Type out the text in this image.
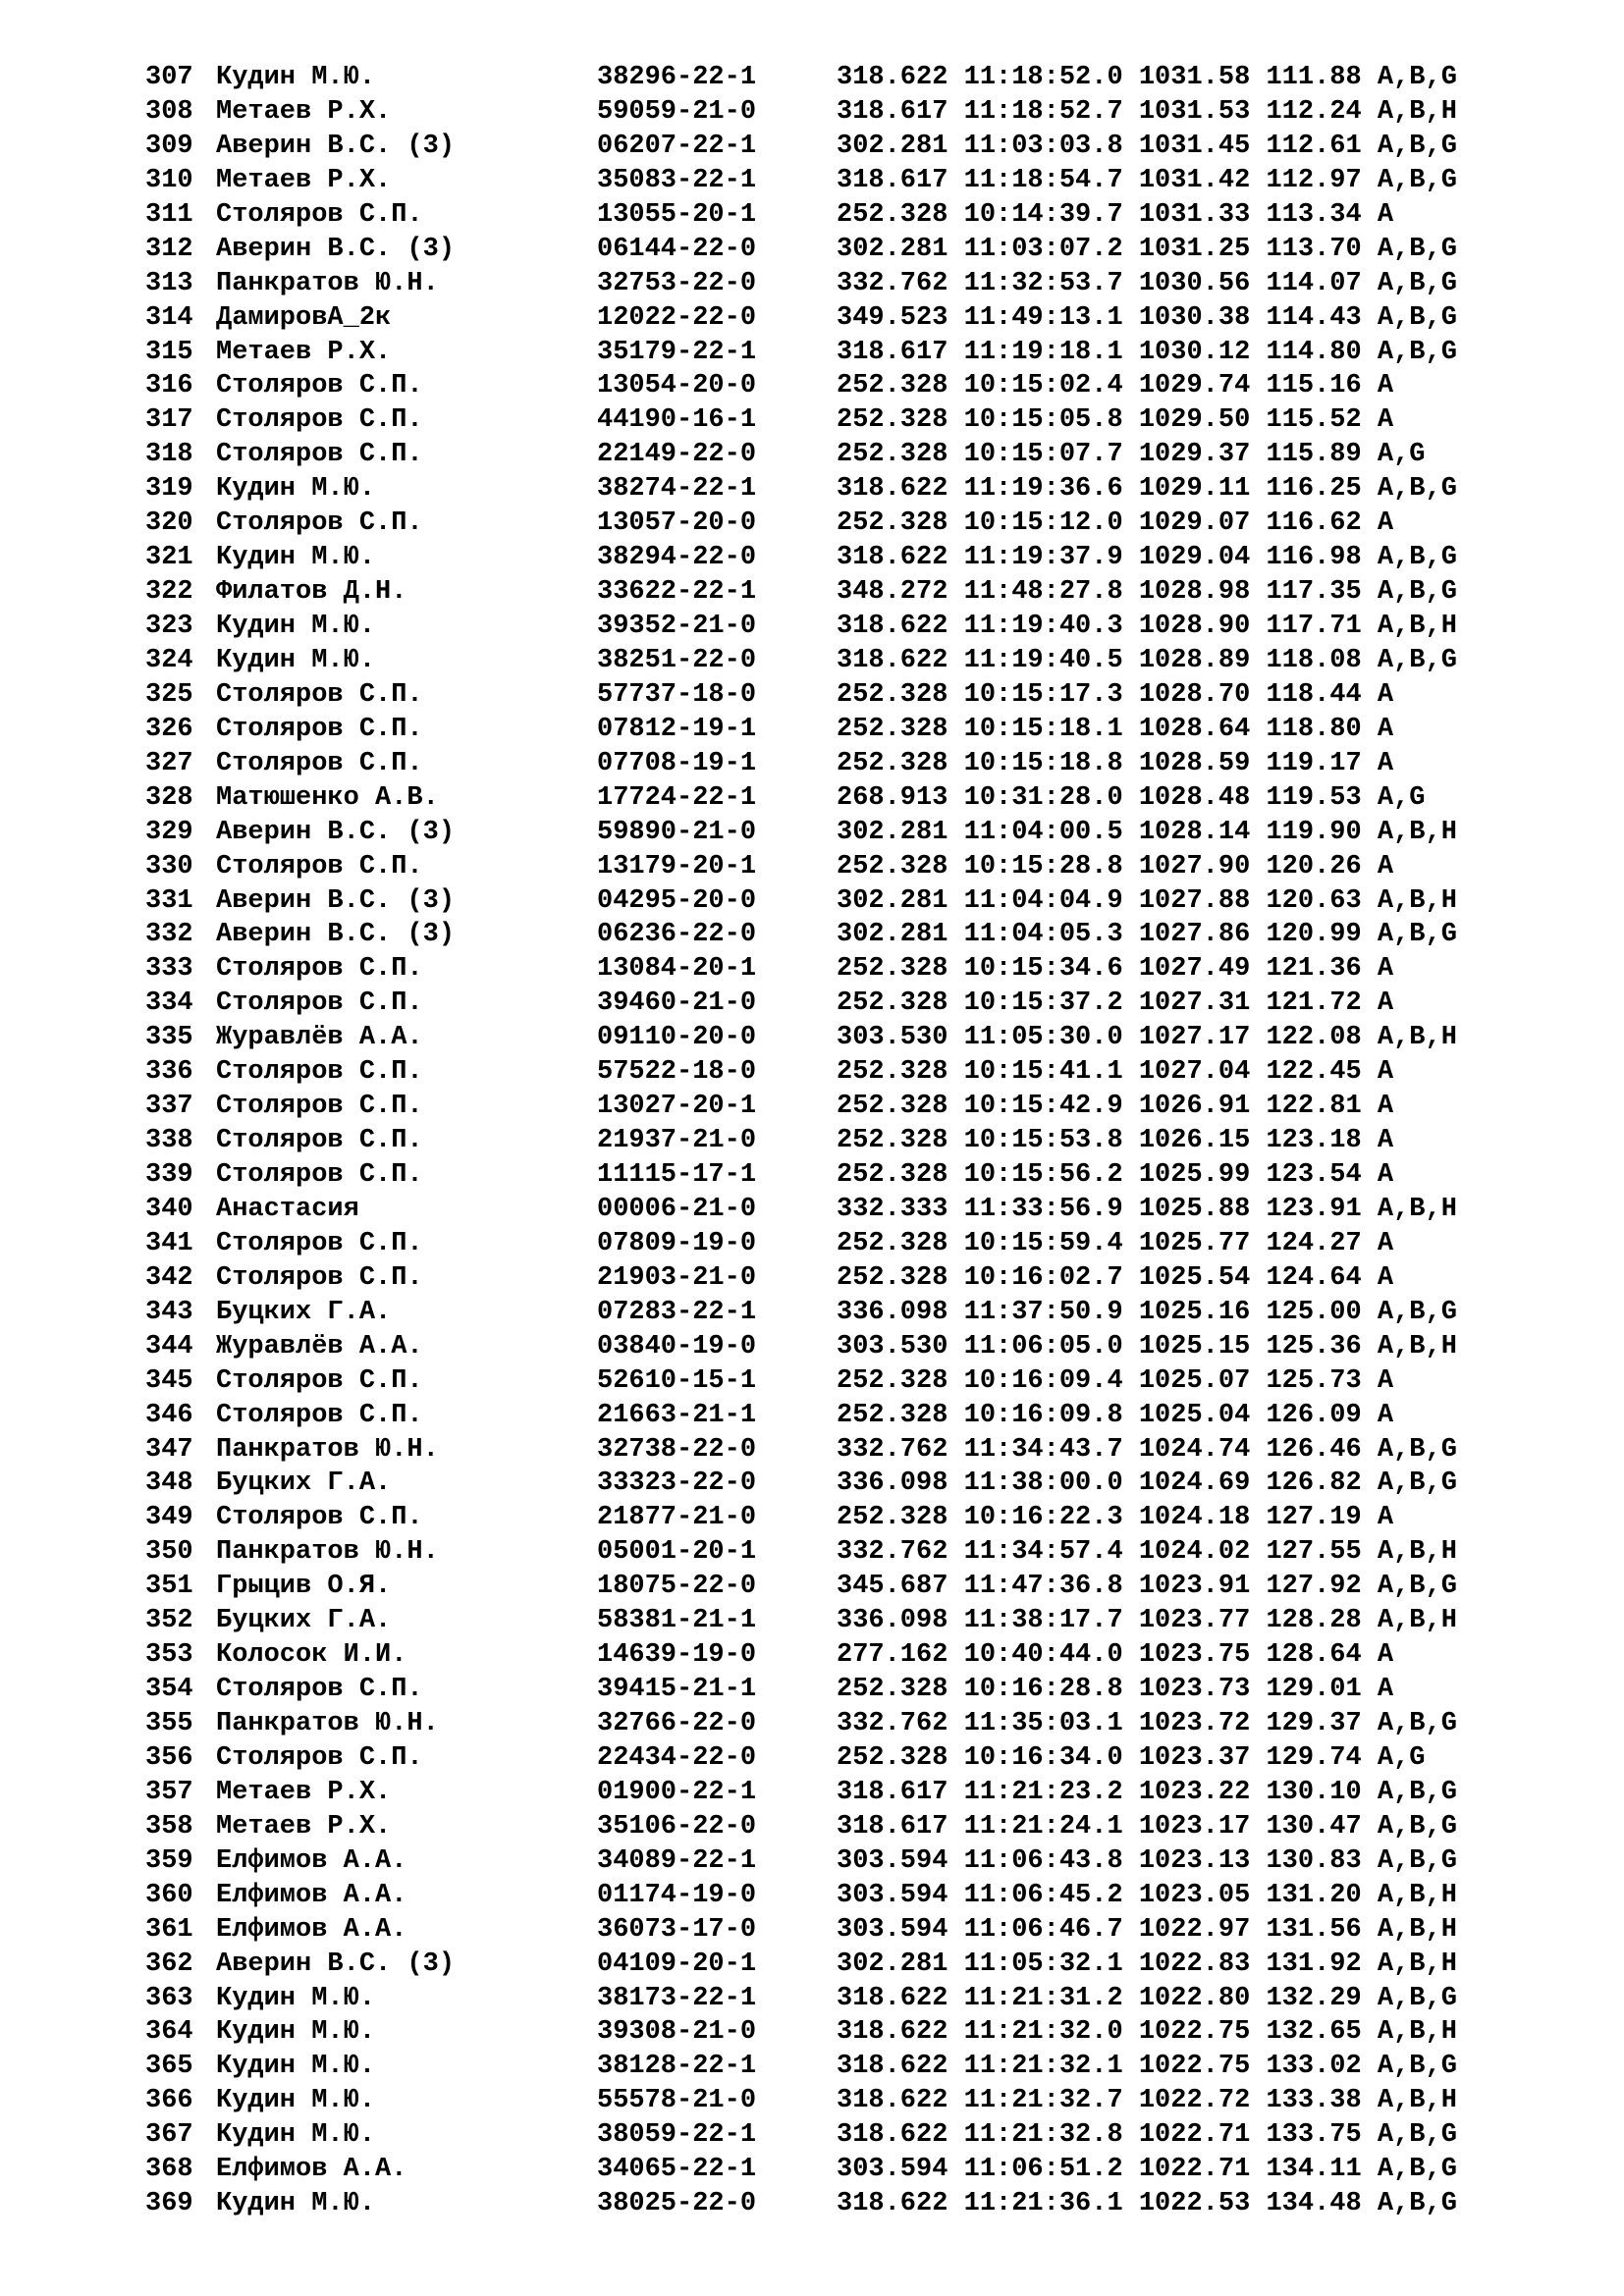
307 Кудин М.Ю.	38296-22-1	318.622 11:18:52.0 1031.58 111.88 A,B,G
308 Метаев Р.Х.	59059-21-0	318.617 11:18:52.7 1031.53 112.24 A,B,H
309 Аверин В.С. (3)	06207-22-1	302.281 11:03:03.8 1031.45 112.61 A,B,G
310 Метаев Р.Х.	35083-22-1	318.617 11:18:54.7 1031.42 112.97 A,B,G
311 Столяров С.П.	13055-20-1	252.328 10:14:39.7 1031.33 113.34 A
312 Аверин В.С. (3)	06144-22-0	302.281 11:03:07.2 1031.25 113.70 A,B,G
313 Панкратов Ю.Н.	32753-22-0	332.762 11:32:53.7 1030.56 114.07 A,B,G
314 ДамировА_2к	12022-22-0	349.523 11:49:13.1 1030.38 114.43 A,B,G
315 Метаев Р.Х.	35179-22-1	318.617 11:19:18.1 1030.12 114.80 A,B,G
316 Столяров С.П.	13054-20-0	252.328 10:15:02.4 1029.74 115.16 A
317 Столяров С.П.	44190-16-1	252.328 10:15:05.8 1029.50 115.52 A
318 Столяров С.П.	22149-22-0	252.328 10:15:07.7 1029.37 115.89 A,G
319 Кудин М.Ю.	38274-22-1	318.622 11:19:36.6 1029.11 116.25 A,B,G
320 Столяров С.П.	13057-20-0	252.328 10:15:12.0 1029.07 116.62 A
321 Кудин М.Ю.	38294-22-0	318.622 11:19:37.9 1029.04 116.98 A,B,G
322 Филатов Д.Н.	33622-22-1	348.272 11:48:27.8 1028.98 117.35 A,B,G
323 Кудин М.Ю.	39352-21-0	318.622 11:19:40.3 1028.90 117.71 A,B,H
324 Кудин М.Ю.	38251-22-0	318.622 11:19:40.5 1028.89 118.08 A,B,G
325 Столяров С.П.	57737-18-0	252.328 10:15:17.3 1028.70 118.44 A
326 Столяров С.П.	07812-19-1	252.328 10:15:18.1 1028.64 118.80 A
327 Столяров С.П.	07708-19-1	252.328 10:15:18.8 1028.59 119.17 A
328 Матюшенко А.В.	17724-22-1	268.913 10:31:28.0 1028.48 119.53 A,G
329 Аверин В.С. (3)	59890-21-0	302.281 11:04:00.5 1028.14 119.90 A,B,H
330 Столяров С.П.	13179-20-1	252.328 10:15:28.8 1027.90 120.26 A
331 Аверин В.С. (3)	04295-20-0	302.281 11:04:04.9 1027.88 120.63 A,B,H
332 Аверин В.С. (3)	06236-22-0	302.281 11:04:05.3 1027.86 120.99 A,B,G
333 Столяров С.П.	13084-20-1	252.328 10:15:34.6 1027.49 121.36 A
334 Столяров С.П.	39460-21-0	252.328 10:15:37.2 1027.31 121.72 A
335 Журавлёв А.А.	09110-20-0	303.530 11:05:30.0 1027.17 122.08 A,B,H
336 Столяров С.П.	57522-18-0	252.328 10:15:41.1 1027.04 122.45 A
337 Столяров С.П.	13027-20-1	252.328 10:15:42.9 1026.91 122.81 A
338 Столяров С.П.	21937-21-0	252.328 10:15:53.8 1026.15 123.18 A
339 Столяров С.П.	11115-17-1	252.328 10:15:56.2 1025.99 123.54 A
340 Анастасия	00006-21-0	332.333 11:33:56.9 1025.88 123.91 A,B,H
341 Столяров С.П.	07809-19-0	252.328 10:15:59.4 1025.77 124.27 A
342 Столяров С.П.	21903-21-0	252.328 10:16:02.7 1025.54 124.64 A
343 Буцких Г.А.	07283-22-1	336.098 11:37:50.9 1025.16 125.00 A,B,G
344 Журавлёв А.А.	03840-19-0	303.530 11:06:05.0 1025.15 125.36 A,B,H
345 Столяров С.П.	52610-15-1	252.328 10:16:09.4 1025.07 125.73 A
346 Столяров С.П.	21663-21-1	252.328 10:16:09.8 1025.04 126.09 A
347 Панкратов Ю.Н.	32738-22-0	332.762 11:34:43.7 1024.74 126.46 A,B,G
348 Буцких Г.А.	33323-22-0	336.098 11:38:00.0 1024.69 126.82 A,B,G
349 Столяров С.П.	21877-21-0	252.328 10:16:22.3 1024.18 127.19 A
350 Панкратов Ю.Н.	05001-20-1	332.762 11:34:57.4 1024.02 127.55 A,B,H
351 Грыцив О.Я.	18075-22-0	345.687 11:47:36.8 1023.91 127.92 A,B,G
352 Буцких Г.А.	58381-21-1	336.098 11:38:17.7 1023.77 128.28 A,B,H
353 Колосок И.И.	14639-19-0	277.162 10:40:44.0 1023.75 128.64 A
354 Столяров С.П.	39415-21-1	252.328 10:16:28.8 1023.73 129.01 A
355 Панкратов Ю.Н.	32766-22-0	332.762 11:35:03.1 1023.72 129.37 A,B,G
356 Столяров С.П.	22434-22-0	252.328 10:16:34.0 1023.37 129.74 A,G
357 Метаев Р.Х.	01900-22-1	318.617 11:21:23.2 1023.22 130.10 A,B,G
358 Метаев Р.Х.	35106-22-0	318.617 11:21:24.1 1023.17 130.47 A,B,G
359 Елфимов А.А.	34089-22-1	303.594 11:06:43.8 1023.13 130.83 A,B,G
360 Елфимов А.А.	01174-19-0	303.594 11:06:45.2 1023.05 131.20 A,B,H
361 Елфимов А.А.	36073-17-0	303.594 11:06:46.7 1022.97 131.56 A,B,H
362 Аверин В.С. (3)	04109-20-1	302.281 11:05:32.1 1022.83 131.92 A,B,H
363 Кудин М.Ю.	38173-22-1	318.622 11:21:31.2 1022.80 132.29 A,B,G
364 Кудин М.Ю.	39308-21-0	318.622 11:21:32.0 1022.75 132.65 A,B,H
365 Кудин М.Ю.	38128-22-1	318.622 11:21:32.1 1022.75 133.02 A,B,G
366 Кудин М.Ю.	55578-21-0	318.622 11:21:32.7 1022.72 133.38 A,B,H
367 Кудин М.Ю.	38059-22-1	318.622 11:21:32.8 1022.71 133.75 A,B,G
368 Елфимов А.А.	34065-22-1	303.594 11:06:51.2 1022.71 134.11 A,B,G
369 Кудин М.Ю.	38025-22-0	318.622 11:21:36.1 1022.53 134.48 A,B,G
